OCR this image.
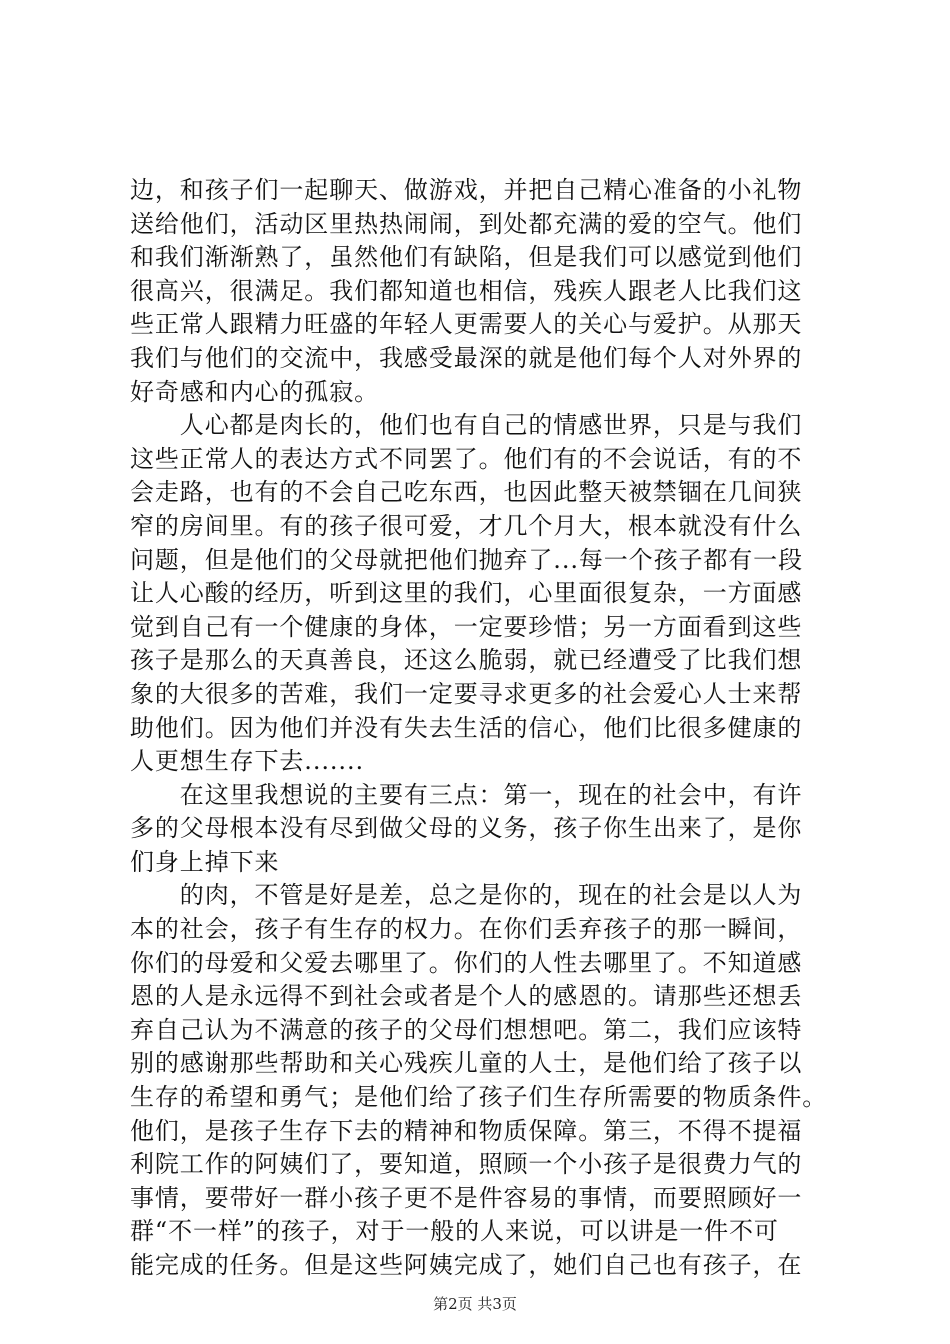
边，和孩子们一起聊天、做游戏，并把自己精心准备的小礼物
送给他们，活动区里热热闹闹，到处都充满的爱的空气。他们
和我们渐渐熟了，虽然他们有缺陷，但是我们可以感觉到他们
很高兴，很满足。我们都知道也相信，残疾人跟老人比我们这
些正常人跟精力旺盛的年轻人更需要人的关心与爱护。从那天
我们与他们的交流中，我感受最深的就是他们每个人对外界的
好奇感和内心的孤寂。
　　人心都是肉长的，他们也有自己的情感世界，只是与我们
这些正常人的表达方式不同罢了。他们有的不会说话，有的不
会走路，也有的不会自己吃东西，也因此整天被禁锢在几间狭
窄的房间里。有的孩子很可爱，才几个月大，根本就没有什么
问题，但是他们的父母就把他们抛弃了...每一个孩子都有一段
让人心酸的经历，听到这里的我们，心里面很复杂，一方面感
觉到自己有一个健康的身体，一定要珍惜；另一方面看到这些
孩子是那么的天真善良，还这么脆弱，就已经遭受了比我们想
象的大很多的苦难，我们一定要寻求更多的社会爱心人士来帮
助他们。因为他们并没有失去生活的信心，他们比很多健康的
人更想生存下去.......
　　在这里我想说的主要有三点：第一，现在的社会中，有许
多的父母根本没有尽到做父母的义务，孩子你生出来了，是你
们身上掉下来
　　的肉，不管是好是差，总之是你的，现在的社会是以人为
本的社会，孩子有生存的权力。在你们丢弃孩子的那一瞬间，
你们的母爱和父爱去哪里了。你们的人性去哪里了。不知道感
恩的人是永远得不到社会或者是个人的感恩的。请那些还想丢
弃自己认为不满意的孩子的父母们想想吧。第二，我们应该特
别的感谢那些帮助和关心残疾儿童的人士，是他们给了孩子以
生存的希望和勇气；是他们给了孩子们生存所需要的物质条件。
他们，是孩子生存下去的精神和物质保障。第三，不得不提福
利院工作的阿姨们了，要知道，照顾一个小孩子是很费力气的
事情，要带好一群小孩子更不是件容易的事情，而要照顾好一
群“不一样”的孩子，对于一般的人来说，可以讲是一件不可
能完成的任务。但是这些阿姨完成了，她们自己也有孩子，在
第2页 共3页
